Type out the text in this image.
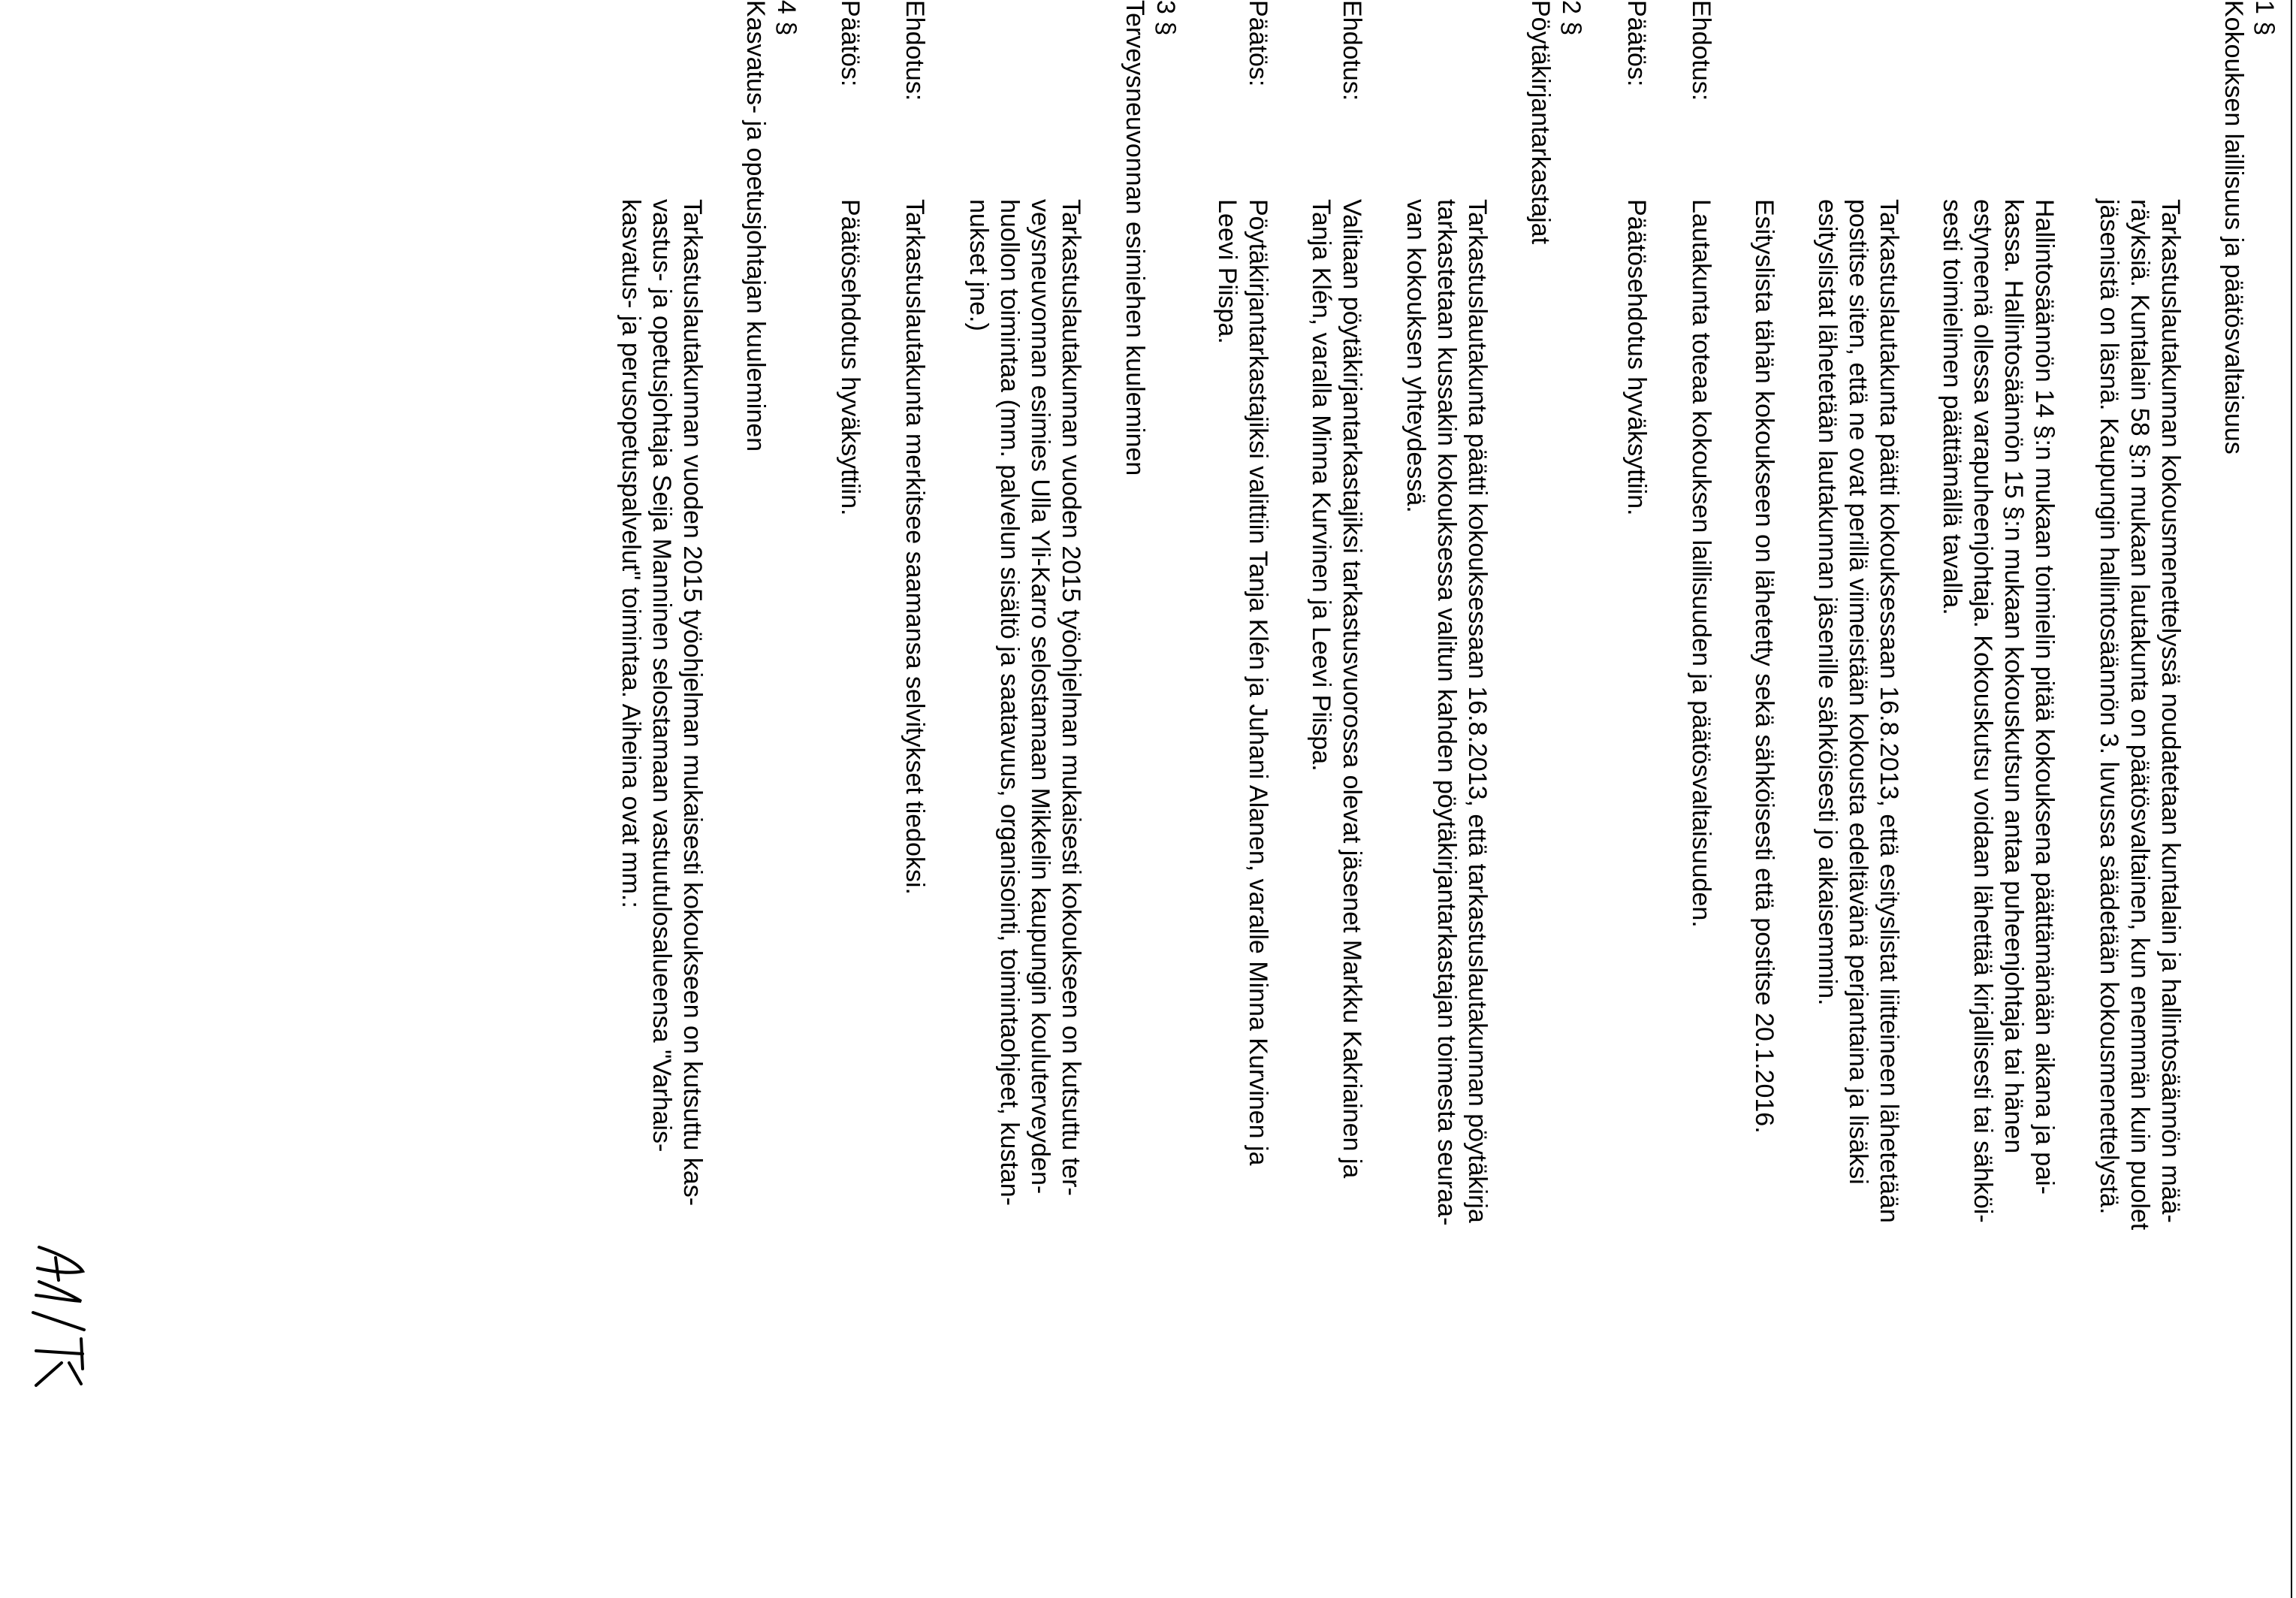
1 §
Kokouksen laillisuus ja päätösvaltaisuus
Tarkastuslautakunnan kokousmenettelyssä noudatetaan kuntalain ja hallintosäännön mää-
räyksiä. Kuntalain 58 §:n mukaan lautakunta on päätösvaltainen, kun enemmän kuin puolet
jäsenistä on läsnä. Kaupungin hallintosäännön 3. luvussa säädetään kokousmenettelystä.
Hallintosäännön 14 §:n mukaan toimielin pitää kokouksena päättämänään aikana ja pai-
kassa. Hallintosäännön 15 §:n mukaan kokouskutsun antaa puheenjohtaja tai hänen
estyneenä ollessa varapuheenjohtaja. Kokouskutsu voidaan lähettää kirjallisesti tai sähköi-
sesti toimielimen päättämällä tavalla.
Tarkastuslautakunta päätti kokouksessaan 16.8.2013, että esityslistat liitteineen lähetetään
postitse siten, että ne ovat perillä viimeistään kokousta edeltävänä perjantaina ja lisäksi
esityslistat lähetetään lautakunnan jäsenille sähköisesti jo aikaisemmin.
Esityslista tähän kokoukseen on lähetetty sekä sähköisesti että postitse 20.1.2016.
Ehdotus:
Lautakunta toteaa kokouksen laillisuuden ja päätösvaltaisuuden.
Päätös:
Päätösehdotus hyväksyttiin.
2 §
Pöytäkirjantarkastajat
Tarkastuslautakunta päätti kokouksessaan 16.8.2013, että tarkastuslautakunnan pöytäkirja
tarkastetaan kussakin kokouksessa valitun kahden pöytäkirjantarkastajan toimesta seuraa-
van kokouksen yhteydessä.
Ehdotus:
Valitaan pöytäkirjantarkastajiksi tarkastusvuorossa olevat jäsenet Markku Kakriainen ja
Tanja Klén, varalla Minna Kurvinen ja Leevi Piispa.
Päätös:
Pöytäkirjantarkastajiksi valittiin Tanja Klén ja Juhani Alanen, varalle Minna Kurvinen ja
Leevi Piispa.
3 §
Terveysneuvonnan esimiehen kuuleminen
Tarkastuslautakunnan vuoden 2015 työohjelman mukaisesti kokoukseen on kutsuttu ter-
veysneuvonnan esimies Ulla Yli-Karro selostamaan Mikkelin kaupungin kouluterveyden-
huollon toimintaa (mm. palvelun sisältö ja saatavuus, organisointi, toimintaohjeet, kustan-
nukset jne.)
Ehdotus:
Tarkastuslautakunta merkitsee saamansa selvitykset tiedoksi.
Päätös:
Päätösehdotus hyväksyttiin.
4 §
Kasvatus- ja opetusjohtajan kuuleminen
Tarkastuslautakunnan vuoden 2015 työohjelman mukaisesti kokoukseen on kutsuttu kas-
vastus- ja opetusjohtaja Seija Manninen selostamaan vastuutulosalueensa "Varhais-
kasvatus- ja perusopetuspalvelut" toimintaa. Aiheina ovat mm.:
